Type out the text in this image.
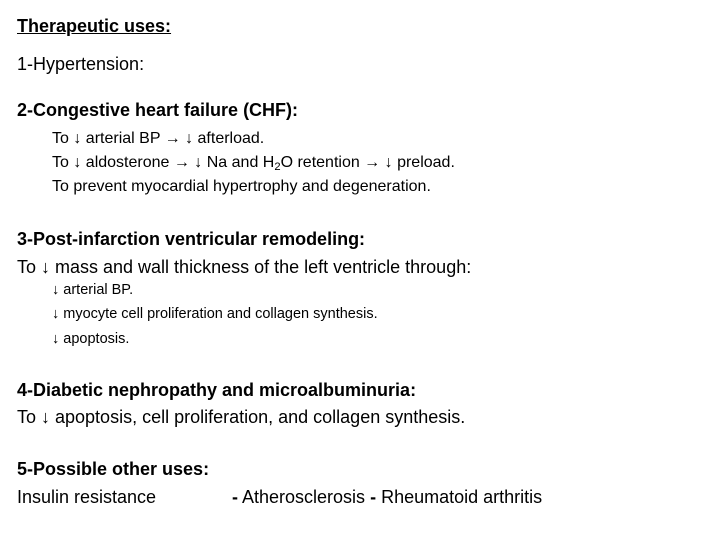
Therapeutic uses:
1-Hypertension:
2-Congestive heart failure (CHF):
To ↓ arterial BP → ↓ afterload.
To ↓ aldosterone → ↓ Na and $H_2O$ retention → ↓ preload.
To prevent myocardial hypertrophy and degeneration.
3-Post-infarction ventricular remodeling:
To ↓ mass and wall thickness of the left ventricle through:
↓ arterial BP.
↓ myocyte cell proliferation and collagen synthesis.
↓ apoptosis.
4-Diabetic nephropathy and microalbuminuria:
To ↓ apoptosis, cell proliferation, and collagen synthesis.
5-Possible other uses:
Insulin resistance	- Atherosclerosis - Rheumatoid arthritis
